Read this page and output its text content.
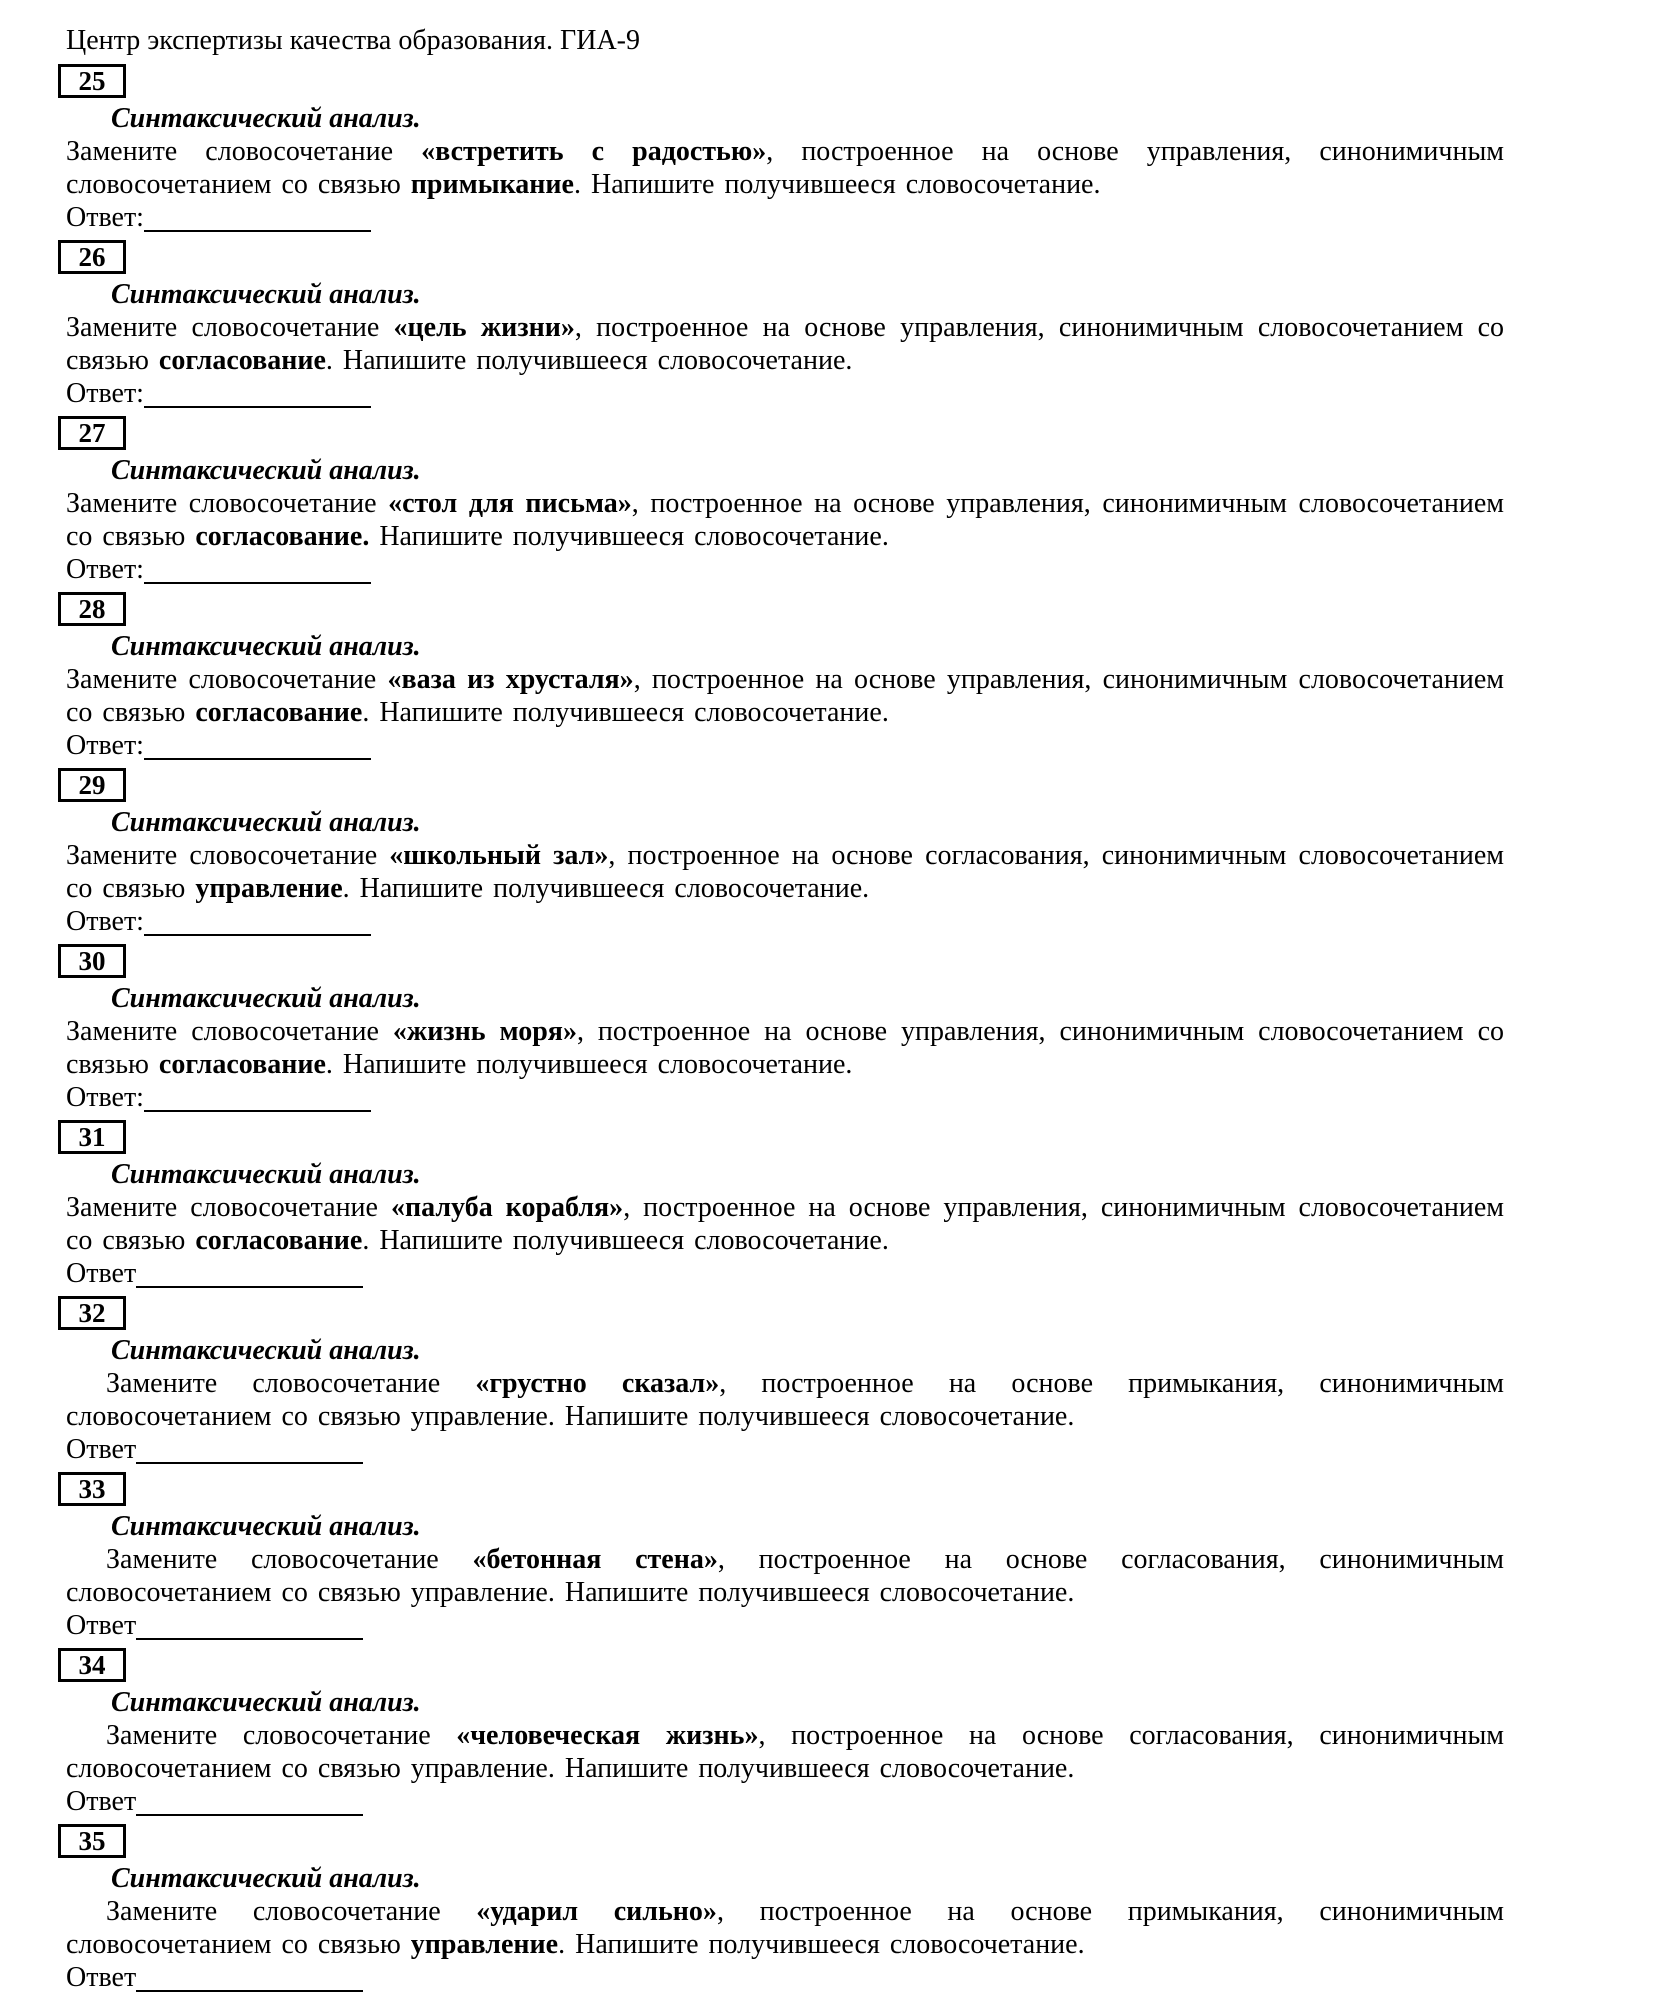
Центр экспертизы качества образования. ГИА-9
25
Синтаксический анализ.

Замените словосочетание «встретить с радостью», построенное на основе управления, синонимичным словосочетанием со связью примыкание. Напишите получившееся словосочетание.

Ответ:
26
Синтаксический анализ.

Замените словосочетание «цель жизни», построенное на основе управления, синонимичным словосочетанием со связью согласование. Напишите получившееся словосочетание.

Ответ:
27
Синтаксический анализ.

Замените словосочетание «стол для письма», построенное на основе управления, синонимичным словосочетанием со связью согласование. Напишите получившееся словосочетание.

Ответ:
28
Синтаксический анализ.

Замените словосочетание «ваза из хрусталя», построенное на основе управления, синонимичным словосочетанием со связью согласование. Напишите получившееся словосочетание.

Ответ:
29
Синтаксический анализ.

Замените словосочетание «школьный зал», построенное на основе согласования, синонимичным словосочетанием со связью управление. Напишите получившееся словосочетание.

Ответ:
30
Синтаксический анализ.

Замените словосочетание «жизнь моря», построенное на основе управления, синонимичным словосочетанием со связью согласование. Напишите получившееся словосочетание.

Ответ:
31
Синтаксический анализ.

Замените словосочетание «палуба корабля», построенное на основе управления, синонимичным словосочетанием со связью согласование. Напишите получившееся словосочетание.

Ответ
32
Синтаксический анализ.

Замените словосочетание «грустно сказал», построенное на основе примыкания, синонимичным словосочетанием со связью управление. Напишите получившееся словосочетание.

Ответ
33
Синтаксический анализ.

Замените словосочетание «бетонная стена», построенное на основе согласования, синонимичным словосочетанием со связью управление. Напишите получившееся словосочетание.

Ответ
34
Синтаксический анализ.

Замените словосочетание «человеческая жизнь», построенное на основе согласования, синонимичным словосочетанием со связью управление. Напишите получившееся словосочетание.

Ответ
35
Синтаксический анализ.

Замените словосочетание «ударил сильно», построенное на основе примыкания, синонимичным словосочетанием со связью управление. Напишите получившееся словосочетание.

Ответ
